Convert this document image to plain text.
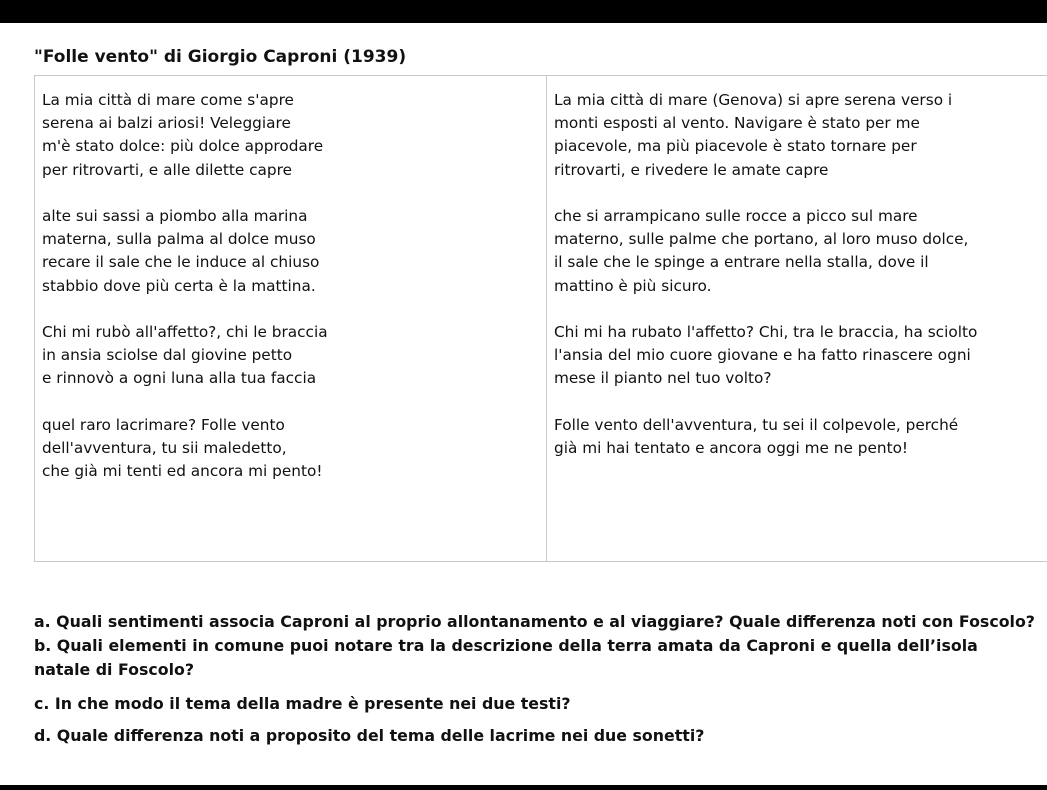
"Folle vento" di Giorgio Caproni (1939)
La mia città di mare come s'apre
serena ai balzi ariosi! Veleggiare
m'è stato dolce: più dolce approdare
per ritrovarti, e alle dilette capre
alte sui sassi a piombo alla marina
materna, sulla palma al dolce muso
recare il sale che le induce al chiuso
stabbio dove più certa è la mattina.
Chi mi rubò all'affetto?, chi le braccia
in ansia sciolse dal giovine petto
e rinnovò a ogni luna alla tua faccia
quel raro lacrimare? Folle vento
dell'avventura, tu sii maledetto,
che già mi tenti ed ancora mi pento!
La mia città di mare (Genova) si apre serena verso i
monti esposti al vento. Navigare è stato per me
piacevole, ma più piacevole è stato tornare per
ritrovarti, e rivedere le amate capre
che si arrampicano sulle rocce a picco sul mare
materno, sulle palme che portano, al loro muso dolce,
il sale che le spinge a entrare nella stalla, dove il
mattino è più sicuro.
Chi mi ha rubato l'affetto? Chi, tra le braccia, ha sciolto
l'ansia del mio cuore giovane e ha fatto rinascere ogni
mese il pianto nel tuo volto?
Folle vento dell'avventura, tu sei il colpevole, perché
già mi hai tentato e ancora oggi me ne pento!

a. Quali sentimenti associa Caproni al proprio allontanamento e al viaggiare? Quale differenza noti con Foscolo? b. Quali elementi in comune puoi notare tra la descrizione della terra amata da Caproni e quella dell’isola natale di Foscolo?

c. In che modo il tema della madre è presente nei due testi?

d. Quale differenza noti a proposito del tema delle lacrime nei due sonetti?
